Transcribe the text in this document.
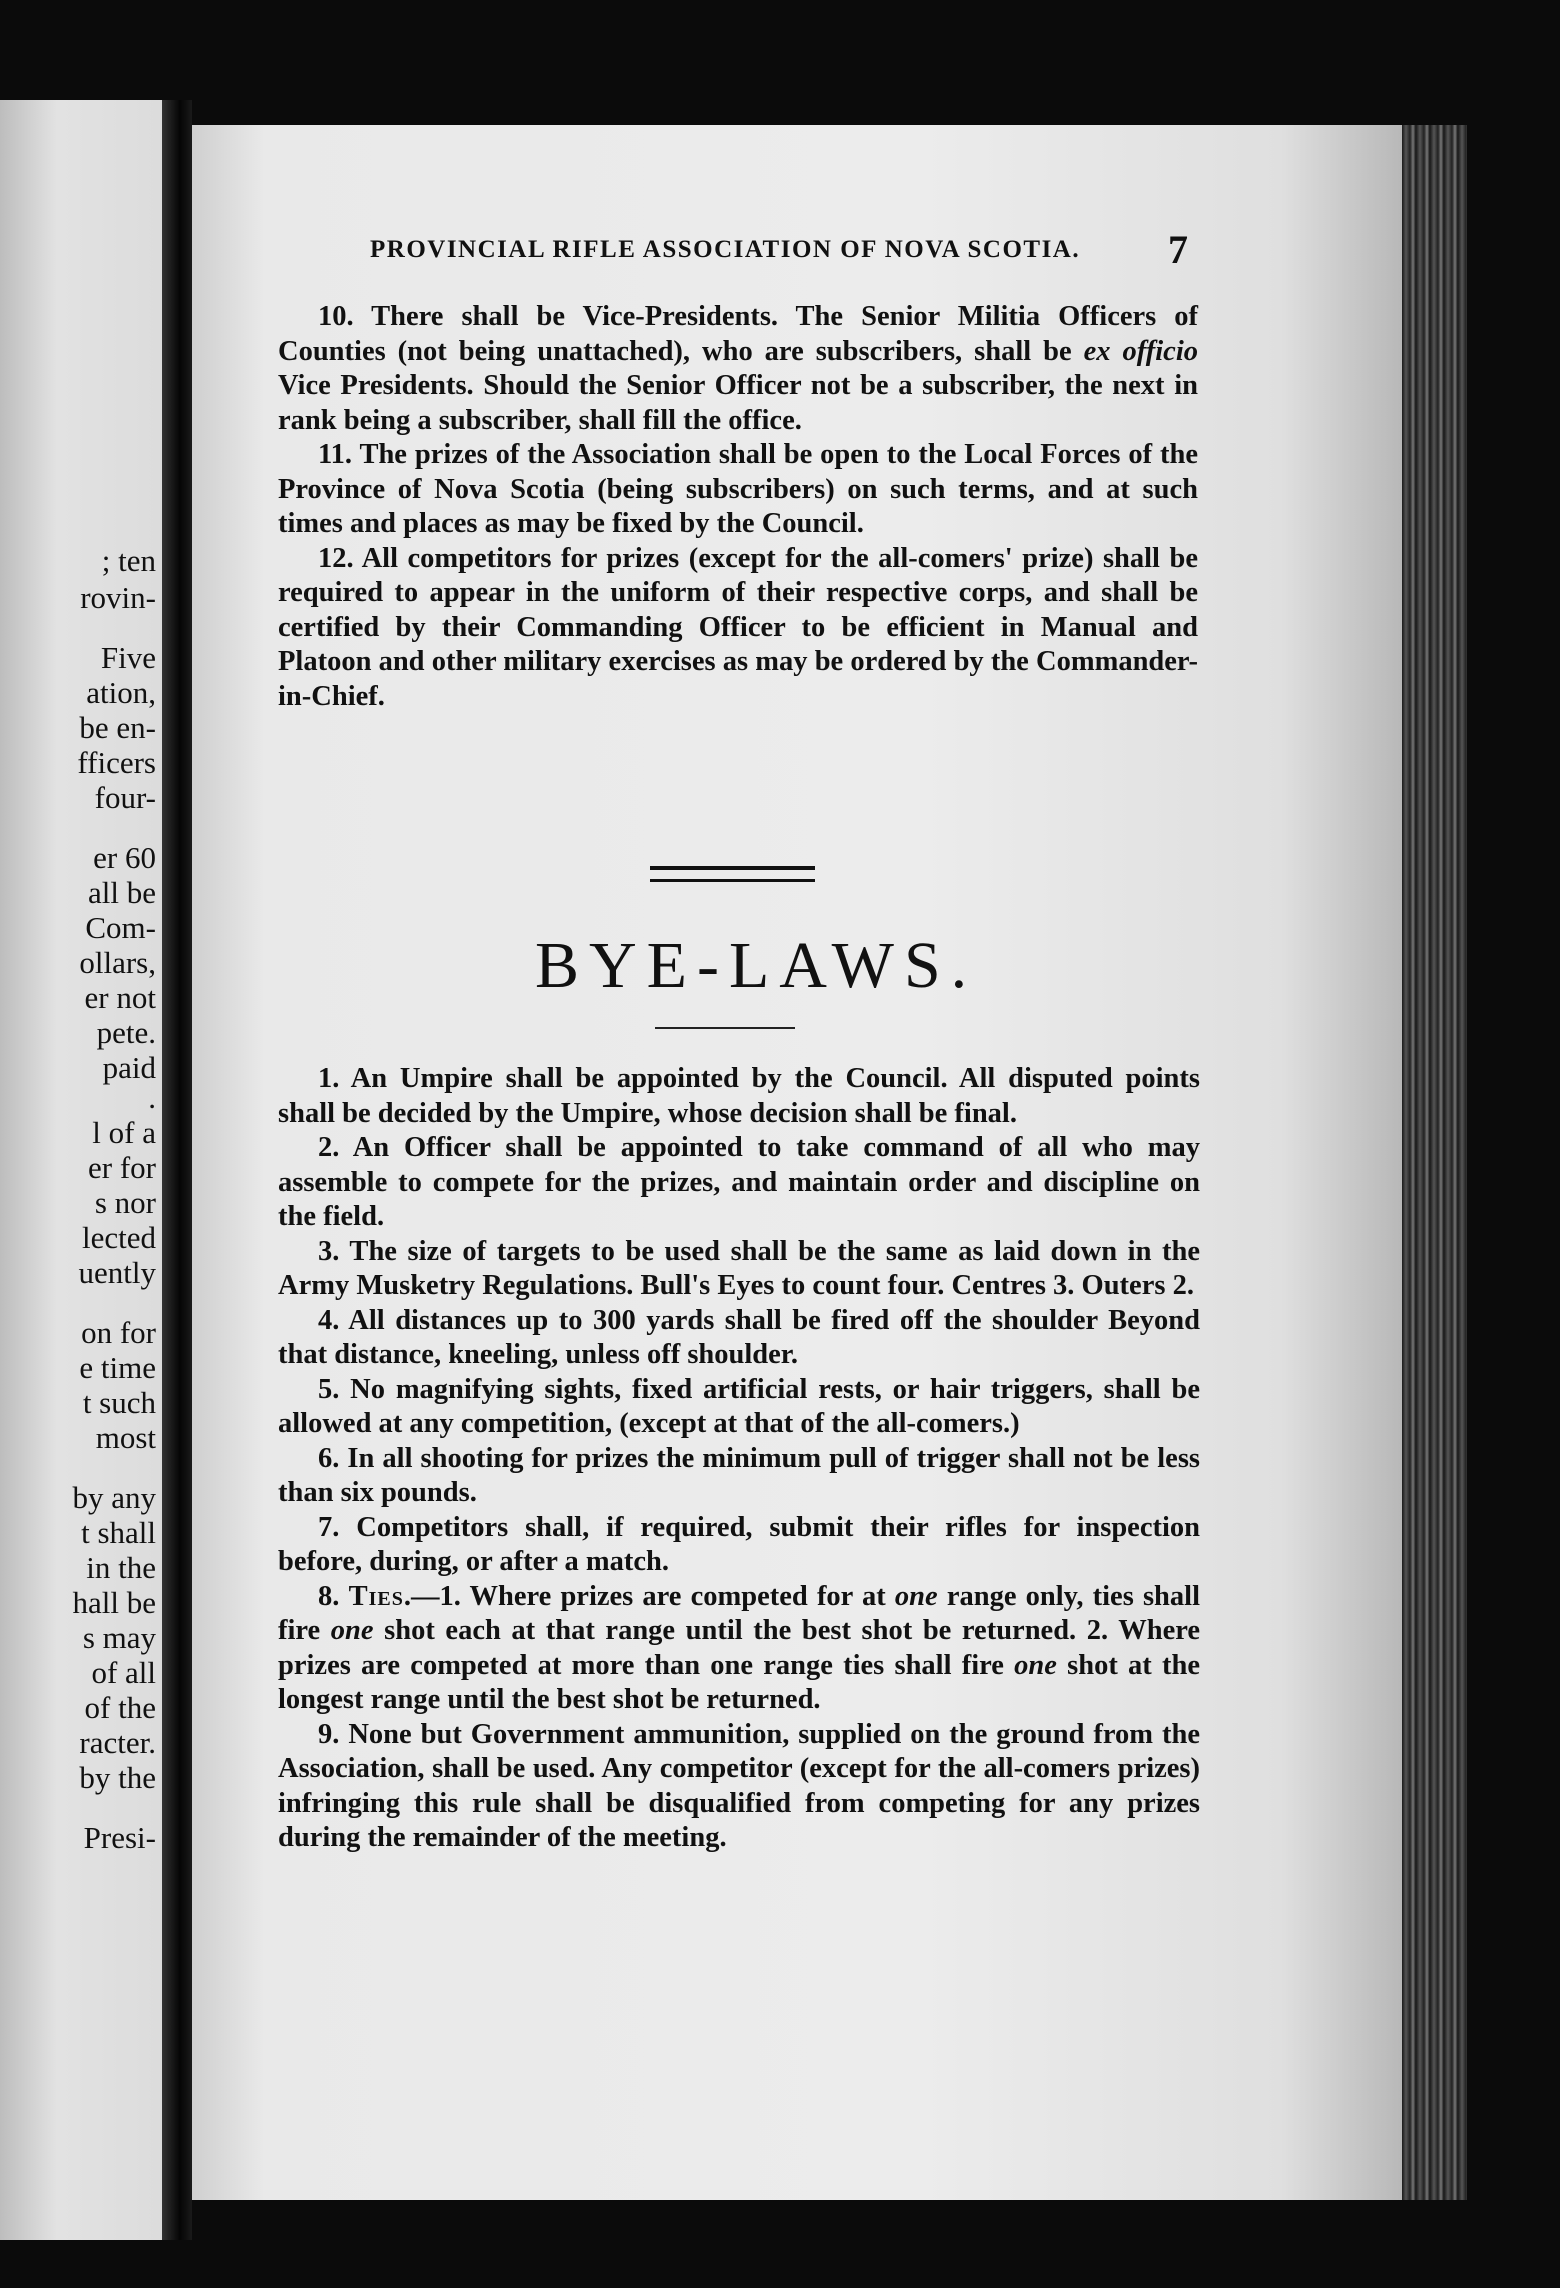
; ten
rovin-
Five
ation,
be en-
fficers
four-
er 60
all be
Com-
ollars,
er not
pete.
paid
.
l of a
er for
s nor
lected
uently
on for
e time
t such
most
by any
t shall
in the
hall be
s may
of all
of the
racter.
by the
Presi-
PROVINCIAL RIFLE ASSOCIATION OF NOVA SCOTIA.	7

10. There shall be Vice-Presidents. The Senior Militia Officers of Counties (not being unattached), who are subscribers, shall be ex officio Vice Presidents. Should the Senior Officer not be a subscriber, the next in rank being a subscriber, shall fill the office.

11. The prizes of the Association shall be open to the Local Forces of the Province of Nova Scotia (being subscribers) on such terms, and at such times and places as may be fixed by the Council.

12. All competitors for prizes (except for the all-comers' prize) shall be required to appear in the uniform of their respective corps, and shall be certified by their Commanding Officer to be efficient in Manual and Platoon and other military exercises as may be ordered by the Commander-in-Chief.

BYE-LAWS.

1. An Umpire shall be appointed by the Council. All disputed points shall be decided by the Umpire, whose decision shall be final.

2. An Officer shall be appointed to take command of all who may assemble to compete for the prizes, and maintain order and discipline on the field.

3. The size of targets to be used shall be the same as laid down in the Army Musketry Regulations. Bull's Eyes to count four. Centres 3. Outers 2.

4. All distances up to 300 yards shall be fired off the shoulder Beyond that distance, kneeling, unless off shoulder.

5. No magnifying sights, fixed artificial rests, or hair triggers, shall be allowed at any competition, (except at that of the all-comers.)

6. In all shooting for prizes the minimum pull of trigger shall not be less than six pounds.

7. Competitors shall, if required, submit their rifles for inspection before, during, or after a match.

8. Ties.—1. Where prizes are competed for at one range only, ties shall fire one shot each at that range until the best shot be returned. 2. Where prizes are competed at more than one range ties shall fire one shot at the longest range until the best shot be returned.

9. None but Government ammunition, supplied on the ground from the Association, shall be used. Any competitor (except for the all-comers prizes) infringing this rule shall be disqualified from competing for any prizes during the remainder of the meeting.
